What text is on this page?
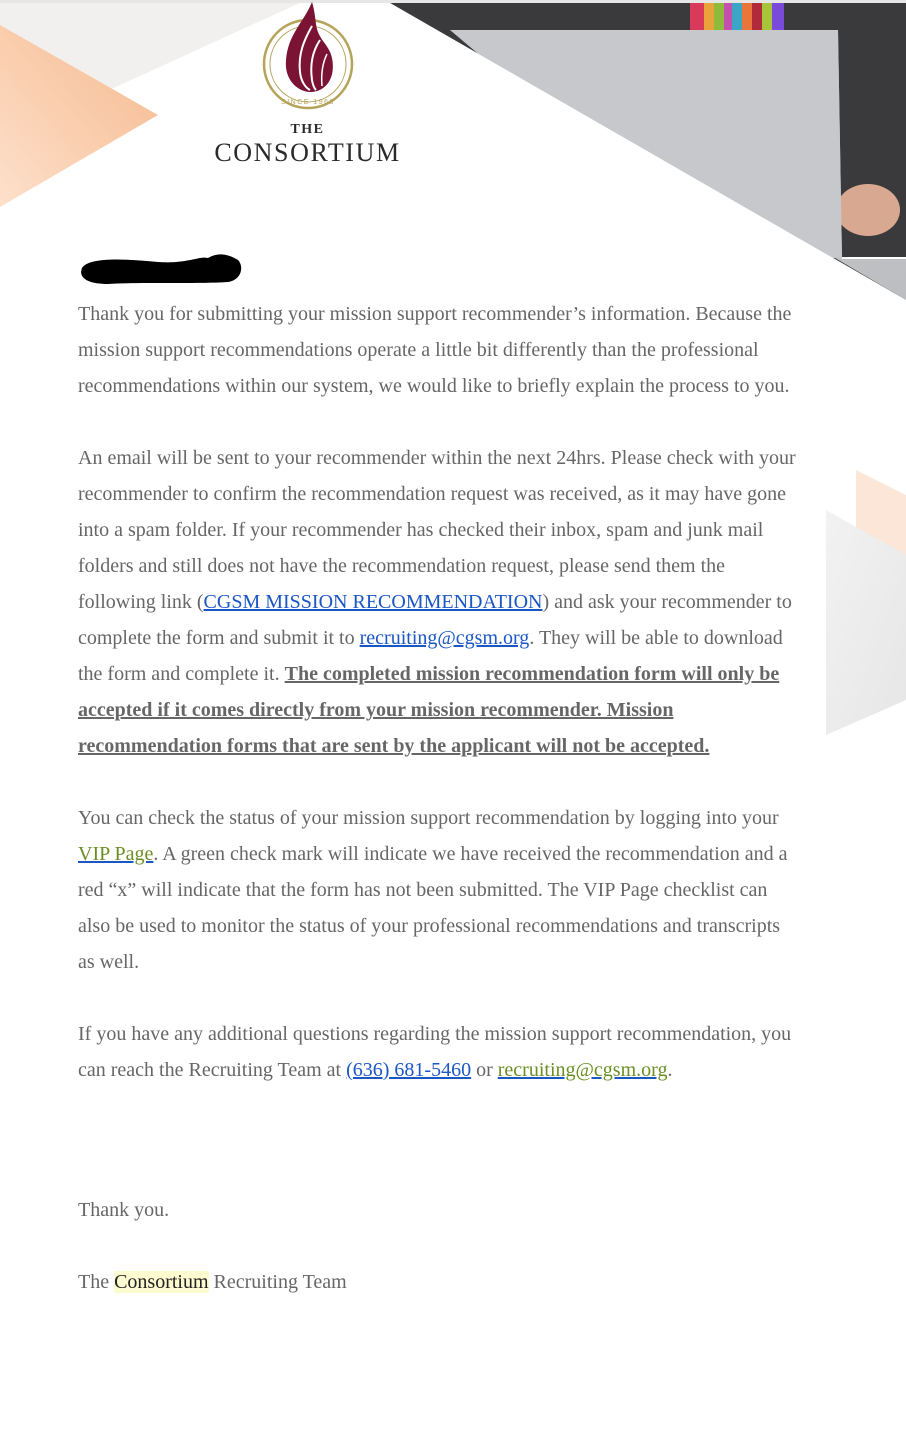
SINCE 1966
THE
CONSORTIUM

Thank you for submitting your mission support recommender’s information. Because the mission support recommendations operate a little bit differently than the professional recommendations within our system, we would like to briefly explain the process to you.

An email will be sent to your recommender within the next 24hrs. Please check with your recommender to confirm the recommendation request was received, as it may have gone into a spam folder. If your recommender has checked their inbox, spam and junk mail folders and still does not have the recommendation request, please send them the following link (CGSM MISSION RECOMMENDATION) and ask your recommender to complete the form and submit it to recruiting@cgsm.org. They will be able to download the form and complete it. The completed mission recommendation form will only be accepted if it comes directly from your mission recommender. Mission recommendation forms that are sent by the applicant will not be accepted.

You can check the status of your mission support recommendation by logging into your VIP Page. A green check mark will indicate we have received the recommendation and a red “x” will indicate that the form has not been submitted. The VIP Page checklist can also be used to monitor the status of your professional recommendations and transcripts as well.

If you have any additional questions regarding the mission support recommendation, you can reach the Recruiting Team at (636) 681-5460 or recruiting@cgsm.org.

Thank you.

The Consortium Recruiting Team
